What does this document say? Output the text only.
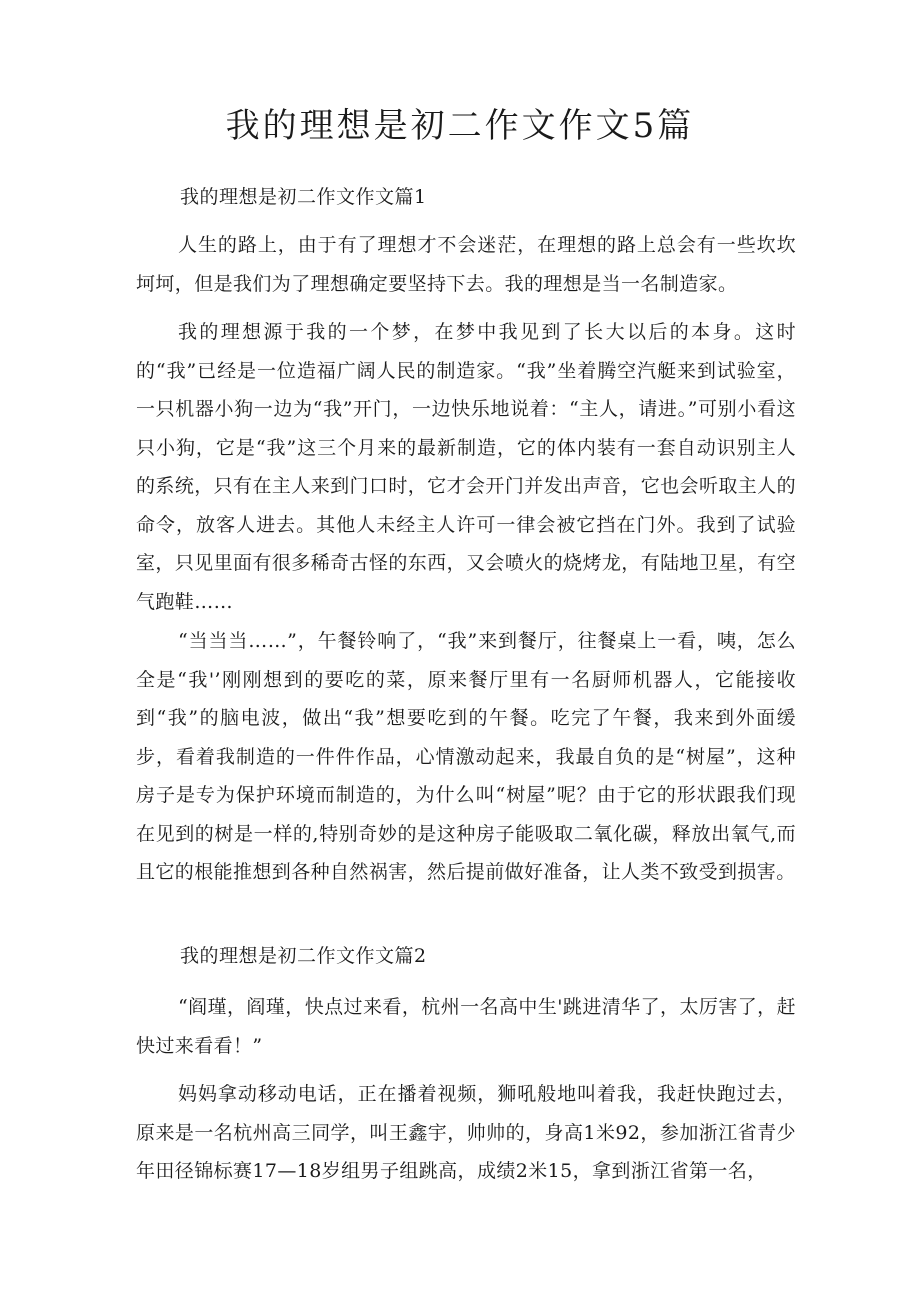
我的理想是初二作文作文5篇
我的理想是初二作文作文篇1

人生的路上，由于有了理想才不会迷茫，在理想的路上总会有一些坎坎坷坷，但是我们为了理想确定要坚持下去。我的理想是当一名制造家。

我的理想源于我的一个梦，在梦中我见到了长大以后的本身。这时的“我”已经是一位造福广阔人民的制造家。“我”坐着腾空汽艇来到试验室，一只机器小狗一边为“我”开门，一边快乐地说着：“主人，请进。”可别小看这只小狗，它是“我”这三个月来的最新制造，它的体内装有一套自动识别主人的系统，只有在主人来到门口时，它才会开门并发出声音，它也会听取主人的命令，放客人进去。其他人未经主人许可一律会被它挡在门外。我到了试验室，只见里面有很多稀奇古怪的东西，又会喷火的烧烤龙，有陆地卫星，有空气跑鞋……

“当当当……”，午餐铃响了，“我”来到餐厅，往餐桌上一看，咦，怎么全是“我'’刚刚想到的要吃的菜，原来餐厅里有一名厨师机器人，它能接收到“我”的脑电波，做出“我”想要吃到的午餐。吃完了午餐，我来到外面缓步，看着我制造的一件件作品，心情激动起来，我最自负的是“树屋”，这种房子是专为保护环境而制造的，为什么叫“树屋”呢？由于它的形状跟我们现在见到的树是一样的,特别奇妙的是这种房子能吸取二氧化碳，释放出氧气,而且它的根能推想到各种自然祸害，然后提前做好准备，让人类不致受到损害。

我的理想是初二作文作文篇2

“阎瑾，阎瑾，快点过来看，杭州一名高中生'跳进清华了，太厉害了，赶快过来看看！”

妈妈拿动移动电话，正在播着视频，狮吼般地叫着我，我赶快跑过去，原来是一名杭州高三同学，叫王鑫宇，帅帅的，身高1米92，参加浙江省青少年田径锦标赛17—18岁组男子组跳高，成绩2米15，拿到浙江省第一名，
